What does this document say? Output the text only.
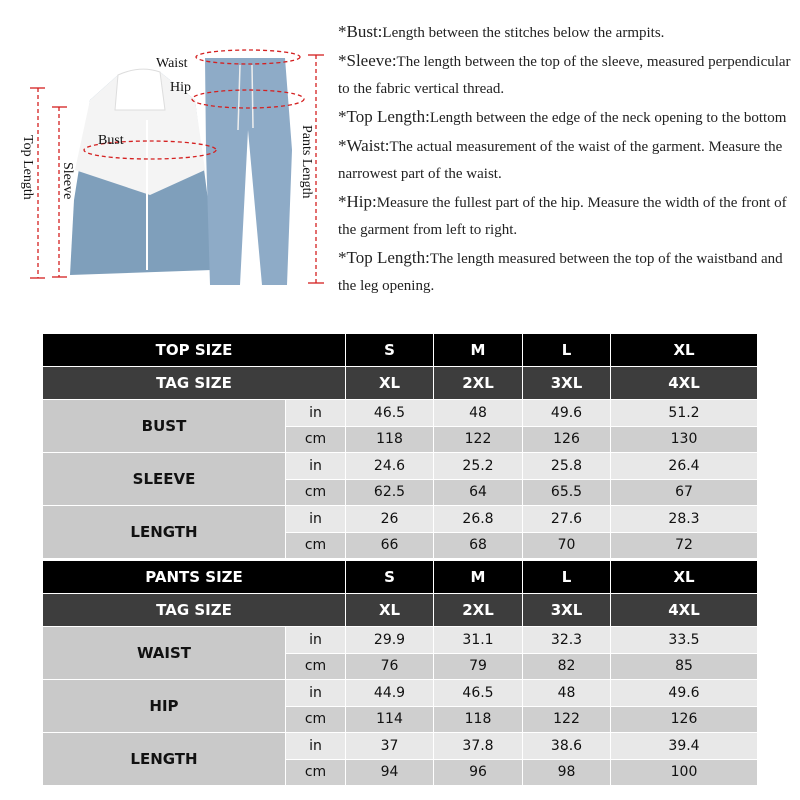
Waist
Hip
Bust
Top Length Sleeve	Pants Length

*Bust:Length between the stitches below the armpits.

*Sleeve:The length between the top of the sleeve, measured perpendicular to the fabric vertical thread.

*Top Length:Length between the edge of the neck opening to the bottom

*Waist:The actual measurement of the waist of the garment. Measure the narrowest part of the waist.

*Hip:Measure the fullest part of the hip. Measure the width of the front of the garment from left to right.

*Top Length:The length measured between the top of the waistband and the leg opening.

TOP SIZE		S	M	L	XL
TAG SIZE		XL	2XL	3XL	4XL
BUST	in	46.5	48	49.6	51.2
	cm	118	122	126	130
SLEEVE	in	24.6	25.2	25.8	26.4
	cm	62.5	64	65.5	67
LENGTH	in	26	26.8	27.6	28.3
	cm	66	68	70	72
PANTS SIZE		S	M	L	XL
TAG SIZE		XL	2XL	3XL	4XL
WAIST	in	29.9	31.1	32.3	33.5
	cm	76	79	82	85
HIP	in	44.9	46.5	48	49.6
	cm	114	118	122	126
LENGTH	in	37	37.8	38.6	39.4
	cm	94	96	98	100
